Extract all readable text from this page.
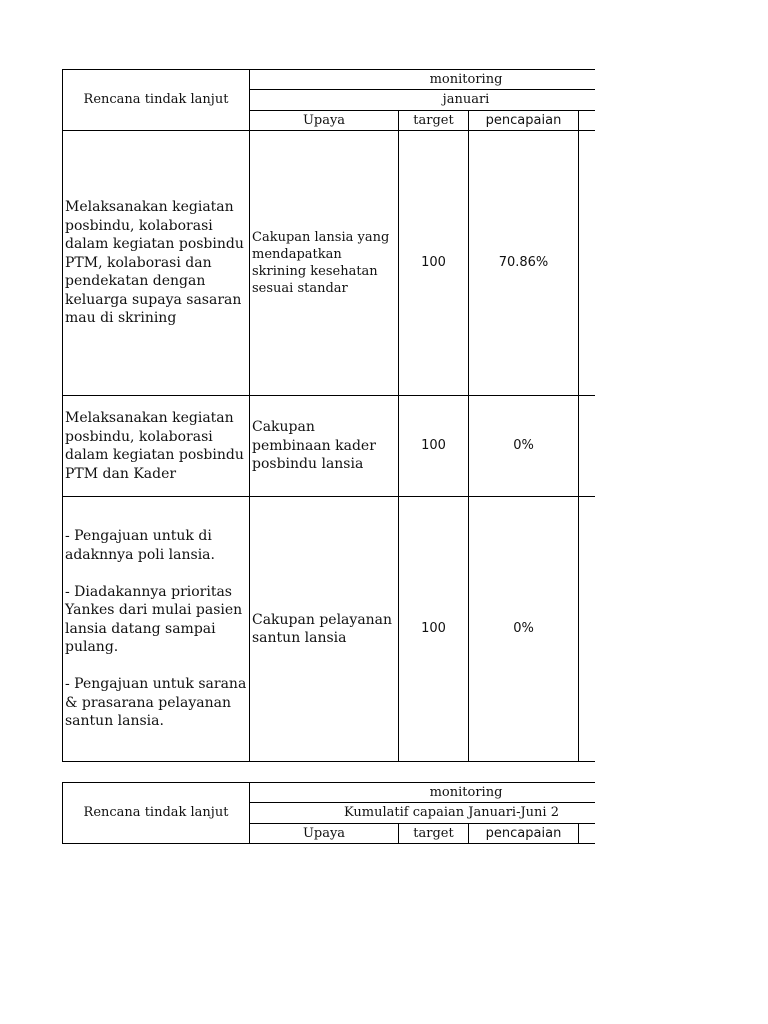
Rencana tindak lanjut	monitoring			
	januari			
	Upaya	target	pencapaian	
Melaksanakan kegiatan posbindu, kolaborasi dalam kegiatan posbindu PTM, kolaborasi dan pendekatan dengan keluarga supaya sasaran mau di skrining	Cakupan lansia yang mendapatkan skrining kesehatan sesuai standar	100	70.86%	
Melaksanakan kegiatan posbindu, kolaborasi dalam kegiatan posbindu PTM dan Kader	Cakupan pembinaan kader posbindu lansia	100	0%	
- Pengajuan untuk di adaknnya poli lansia.

- Diadakannya prioritas Yankes dari mulai pasien lansia datang sampai pulang.

- Pengajuan untuk sarana & prasarana pelayanan santun lansia.	Cakupan pelayanan santun lansia	100	0%	
Rencana tindak lanjut	monitoring			
	Kumulatif capaian Januari-Juni 2			
	Upaya	target	pencapaian	
